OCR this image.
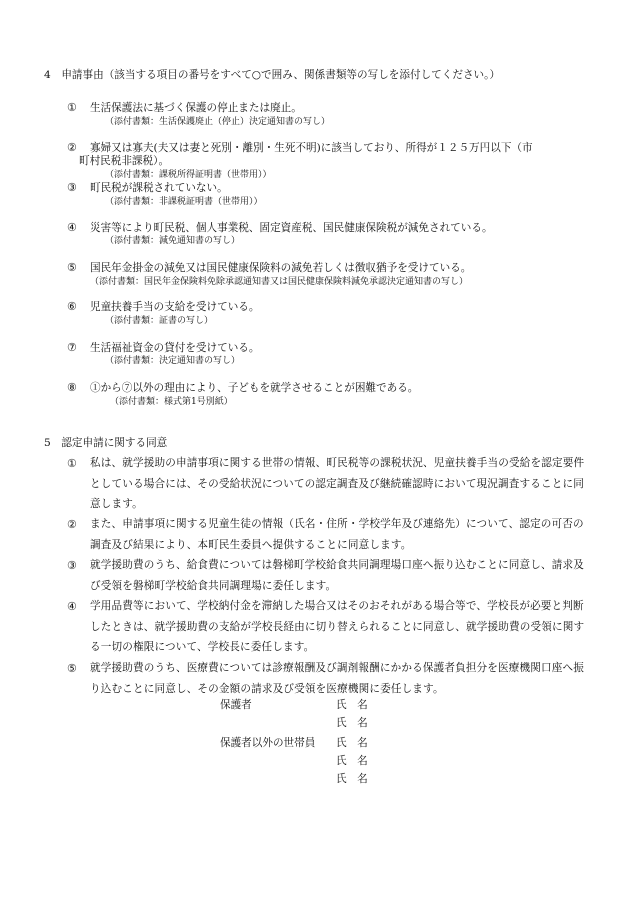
4　申請事由（該当する項目の番号をすべて○で囲み、関係書類等の写しを添付してください。）
① 生活保護法に基づく保護の停止または廃止。
（添付書類：生活保護廃止（停止）決定通知書の写し）
② 寡婦又は寡夫(夫又は妻と死別・離別・生死不明)に該当しており、所得が１２５万円以下（市
町村民税非課税）。
（添付書類：課税所得証明書（世帯用））
③ 町民税が課税されていない。
（添付書類：非課税証明書（世帯用））
④ 災害等により町民税、個人事業税、固定資産税、国民健康保険税が減免されている。
（添付書類：減免通知書の写し）
⑤ 国民年金掛金の減免又は国民健康保険料の減免若しくは徴収猶予を受けている。
（添付書類：国民年金保険料免除承認通知書又は国民健康保険料減免承認決定通知書の写し）
⑥ 児童扶養手当の支給を受けている。
（添付書類：証書の写し）
⑦ 生活福祉資金の貸付を受けている。
（添付書類：決定通知書の写し）
⑧ ①から⑦以外の理由により、子どもを就学させることが困難である。
（添付書類：様式第1号別紙）
5　認定申請に関する同意
① 私は、就学援助の申請事項に関する世帯の情報、町民税等の課税状況、児童扶養手当の受給を認定要件としている場合には、その受給状況についての認定調査及び継続確認時において現況調査することに同意します。
② また、申請事項に関する児童生徒の情報（氏名・住所・学校学年及び連絡先）について、認定の可否の調査及び結果により、本町民生委員へ提供することに同意します。
③ 就学援助費のうち、給食費については磐梯町学校給食共同調理場口座へ振り込むことに同意し、請求及び受領を磐梯町学校給食共同調理場に委任します。
④ 学用品費等において、学校納付金を滞納した場合又はそのおそれがある場合等で、学校長が必要と判断したときは、就学援助費の支給が学校長経由に切り替えられることに同意し、就学援助費の受領に関する一切の権限について、学校長に委任します。
⑤ 就学援助費のうち、医療費については診療報酬及び調剤報酬にかかる保護者負担分を医療機関口座へ振り込むことに同意し、その金額の請求及び受領を医療機関に委任します。
保護者	氏　名
氏　名
保護者以外の世帯員 氏　名
氏　名
氏　名
